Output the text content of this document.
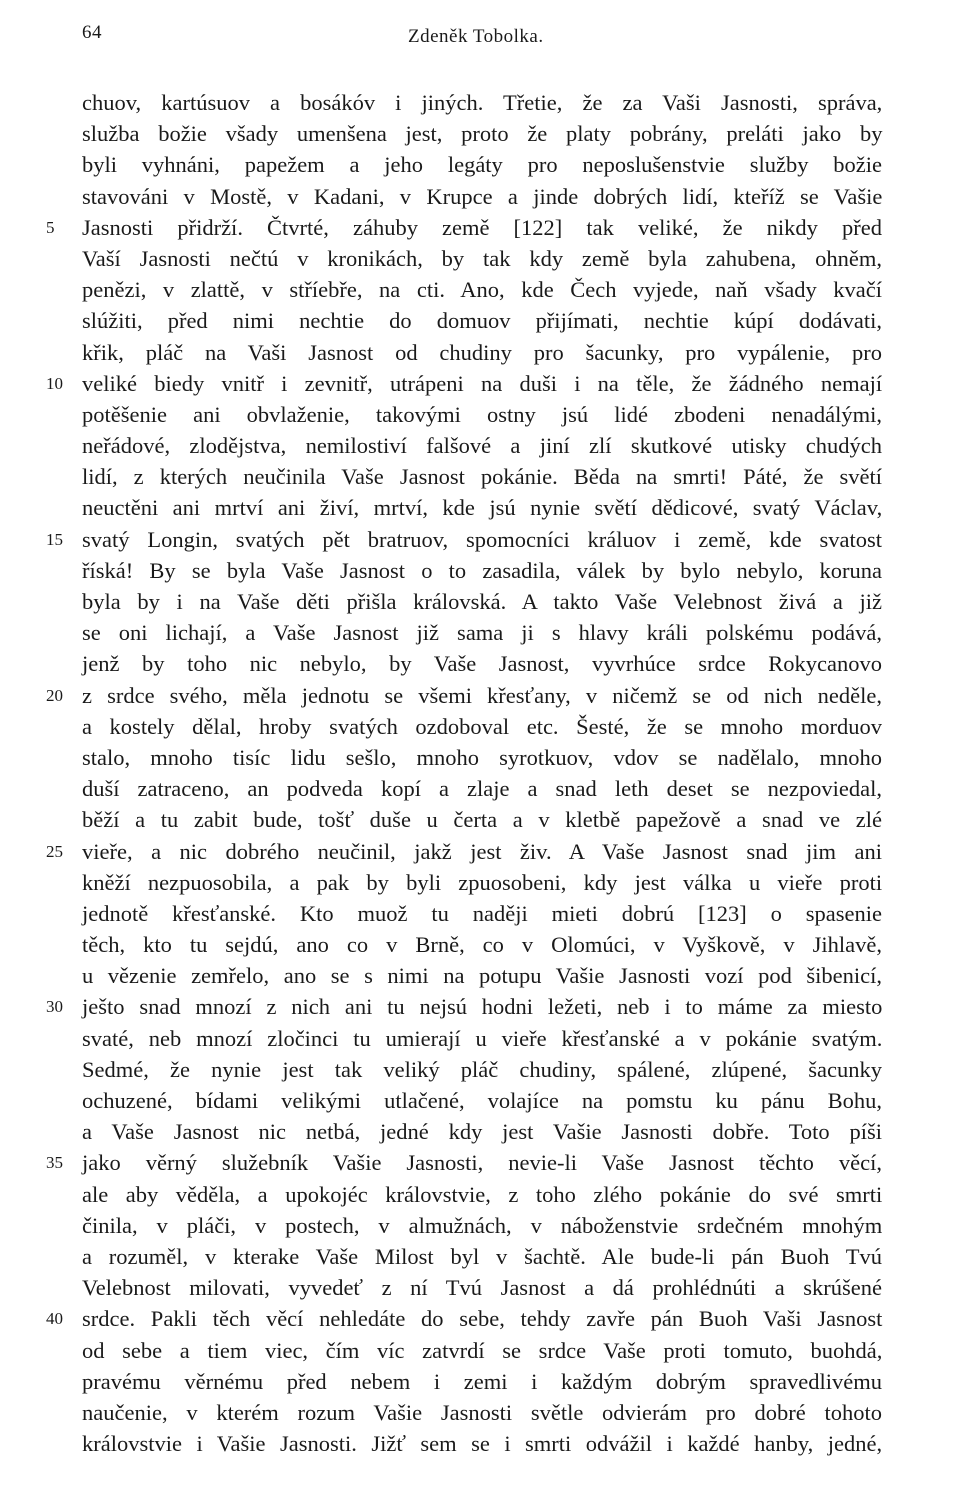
64	Zdeněk Tobolka.
chuov, kartúsuov a bosákóv i jiných. Třetie, že za Vaši Jasnosti, správa,
služba božie všady umenšena jest, proto že platy pobrány, preláti jako by
byli vyhnáni, papežem a jeho legáty pro neposlušenstvie služby božie
stavováni v Mostě, v Kadani, v Krupce a jinde dobrých lidí, kteříž se Vašie
5	Jasnosti přidrží. Čtvrté, záhuby země [122] tak veliké, že nikdy před
Vaší Jasnosti nečtú v kronikách, by tak kdy země byla zahubena, ohněm,
penězi, v zlattě, v stříebře, na cti. Ano, kde Čech vyjede, naň všady kvačí
slúžiti, před nimi nechtie do domuov přijímati, nechtie kúpí dodávati,
křik, pláč na Vaši Jasnost od chudiny pro šacunky, pro vypálenie, pro
10 veliké biedy vnitř i zevnitř, utrápeni na duši i na těle, že žádného nemají
potěšenie ani obvlaženie, takovými ostny jsú lidé zbodeni nenadálými,
neřádové, zlodějstva, nemilostiví falšové a jiní zlí skutkové utisky chudých
lidí, z kterých neučinila Vaše Jasnost pokánie. Běda na smrti! Páté, že světí
neuctěni ani mrtví ani živí, mrtví, kde jsú nynie světí dědicové, svatý Václav,
15 svatý Longin, svatých pět bratruov, spomocníci králuov i země, kde svatost
říská! By se byla Vaše Jasnost o to zasadila, válek by bylo nebylo, koruna
byla by i na Vaše děti přišla královská. A takto Vaše Velebnost živá a již
se oni lichají, a Vaše Jasnost již sama ji s hlavy králi polskému podává,
jenž by toho nic nebylo, by Vaše Jasnost, vyvrhúce srdce Rokycanovo
20 z srdce svého, měla jednotu se všemi křesťany, v ničemž se od nich neděle,
a kostely dělal, hroby svatých ozdoboval etc. Šesté, že se mnoho morduov
stalo, mnoho tisíc lidu sešlo, mnoho syrotkuov, vdov se nadělalo, mnoho
duší zatraceno, an podveda kopí a zlaje a snad leth deset se nezpoviedal,
běží a tu zabit bude, tošť duše u čerta a v kletbě papežově a snad ve zlé
25 vieře, a nic dobrého neučinil, jakž jest živ. A Vaše Jasnost snad jim ani
kněží nezpuosobila, a pak by byli zpuosobeni, kdy jest válka u vieře proti
jednotě křesťanské. Kto muož tu naději mieti dobrú [123] o spasenie
těch, kto tu sejdú, ano co v Brně, co v Olomúci, v Vyškově, v Jihlavě,
u vězenie zemřelo, ano se s nimi na potupu Vašie Jasnosti vozí pod šibenicí,
30 ješto snad mnozí z nich ani tu nejsú hodni ležeti, neb i to máme za miesto
svaté, neb mnozí zločinci tu umierají u vieře křesťanské a v pokánie svatým.
Sedmé, že nynie jest tak veliký pláč chudiny, spálené, zlúpené, šacunky
ochuzené, bídami velikými utlačené, volajíce na pomstu ku pánu Bohu,
a Vaše Jasnost nic netbá, jedné kdy jest Vašie Jasnosti dobře. Toto píši
35 jako věrný služebník Vašie Jasnosti, nevie-li Vaše Jasnost těchto věcí,
ale aby věděla, a upokojéc královstvie, z toho zlého pokánie do své smrti
činila, v pláči, v postech, v almužnách, v náboženstvie srdečném mnohým
a rozuměl, v kterake Vaše Milost byl v šachtě. Ale bude-li pán Buoh Tvú
Velebnost milovati, vyvedeť z ní Tvú Jasnost a dá prohlédnúti a skrúšené
40 srdce. Pakli těch věcí nehledáte do sebe, tehdy zavře pán Buoh Vaši Jasnost
od sebe a tiem viec, čím víc zatvrdí se srdce Vaše proti tomuto, buohdá,
pravému věrnému před nebem i zemi i každým dobrým spravedlivému
naučenie, v kterém rozum Vašie Jasnosti světle odvierám pro dobré tohoto
královstvie i Vašie Jasnosti. Jižť sem se i smrti odvážil i každé hanby, jedné,
